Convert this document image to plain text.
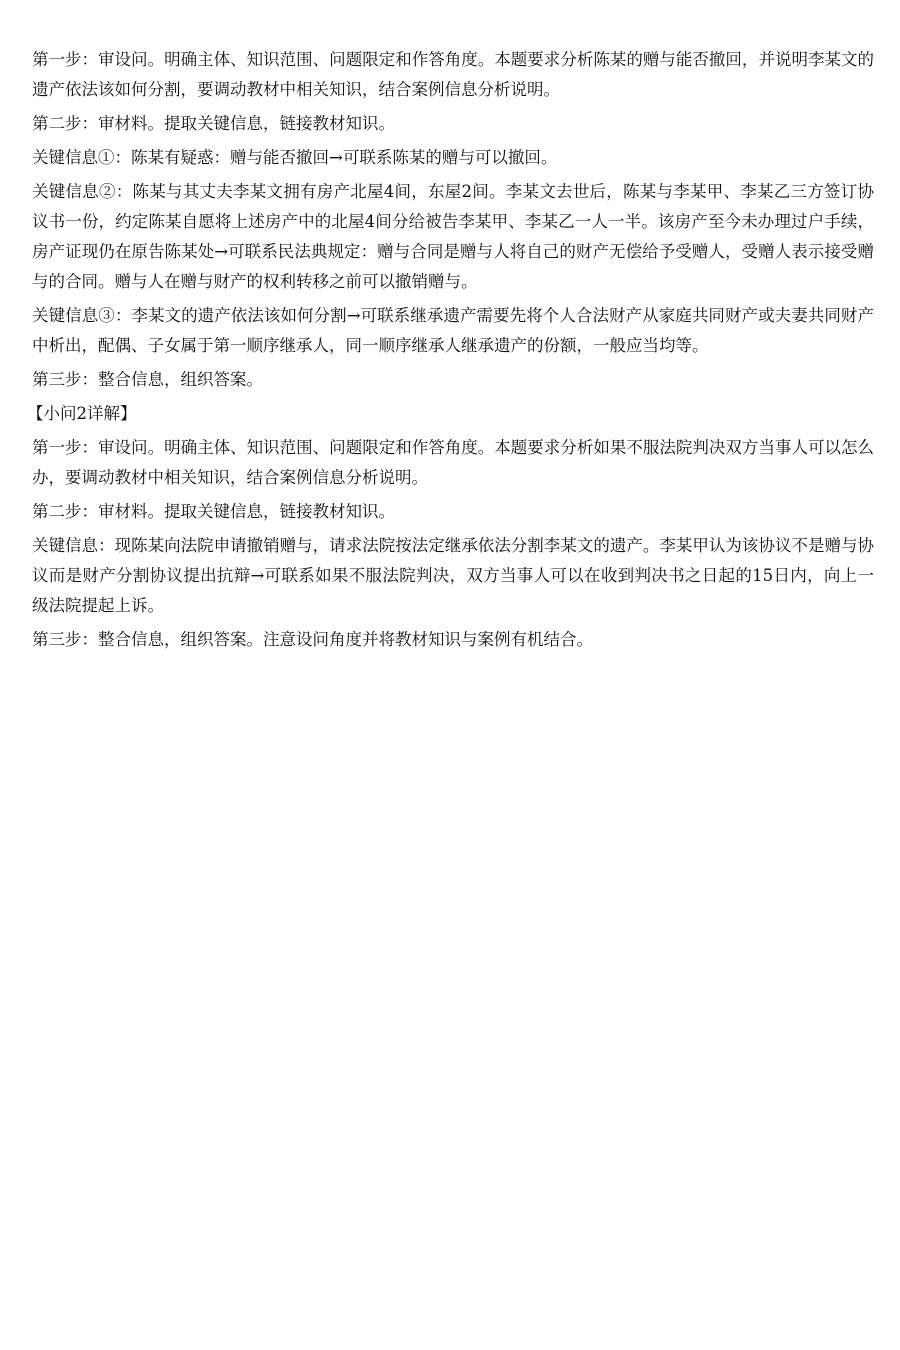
第一步：审设问。明确主体、知识范围、问题限定和作答角度。本题要求分析陈某的赠与能否撤回，并说明李某文的遗产依法该如何分割，要调动教材中相关知识，结合案例信息分析说明。

第二步：审材料。提取关键信息，链接教材知识。

关键信息①：陈某有疑惑：赠与能否撤回→可联系陈某的赠与可以撤回。

关键信息②：陈某与其丈夫李某文拥有房产北屋4间，东屋2间。李某文去世后，陈某与李某甲、李某乙三方签订协议书一份，约定陈某自愿将上述房产中的北屋4间分给被告李某甲、李某乙一人一半。该房产至今未办理过户手续，房产证现仍在原告陈某处→可联系民法典规定：赠与合同是赠与人将自己的财产无偿给予受赠人，受赠人表示接受赠与的合同。赠与人在赠与财产的权利转移之前可以撤销赠与。

关键信息③：李某文的遗产依法该如何分割→可联系继承遗产需要先将个人合法财产从家庭共同财产或夫妻共同财产中析出，配偶、子女属于第一顺序继承人，同一顺序继承人继承遗产的份额，一般应当均等。

第三步：整合信息，组织答案。

【小问2详解】

第一步：审设问。明确主体、知识范围、问题限定和作答角度。本题要求分析如果不服法院判决双方当事人可以怎么办，要调动教材中相关知识，结合案例信息分析说明。

第二步：审材料。提取关键信息，链接教材知识。

关键信息：现陈某向法院申请撤销赠与，请求法院按法定继承依法分割李某文的遗产。李某甲认为该协议不是赠与协议而是财产分割协议提出抗辩→可联系如果不服法院判决，双方当事人可以在收到判决书之日起的15日内，向上一级法院提起上诉。

第三步：整合信息，组织答案。注意设问角度并将教材知识与案例有机结合。
